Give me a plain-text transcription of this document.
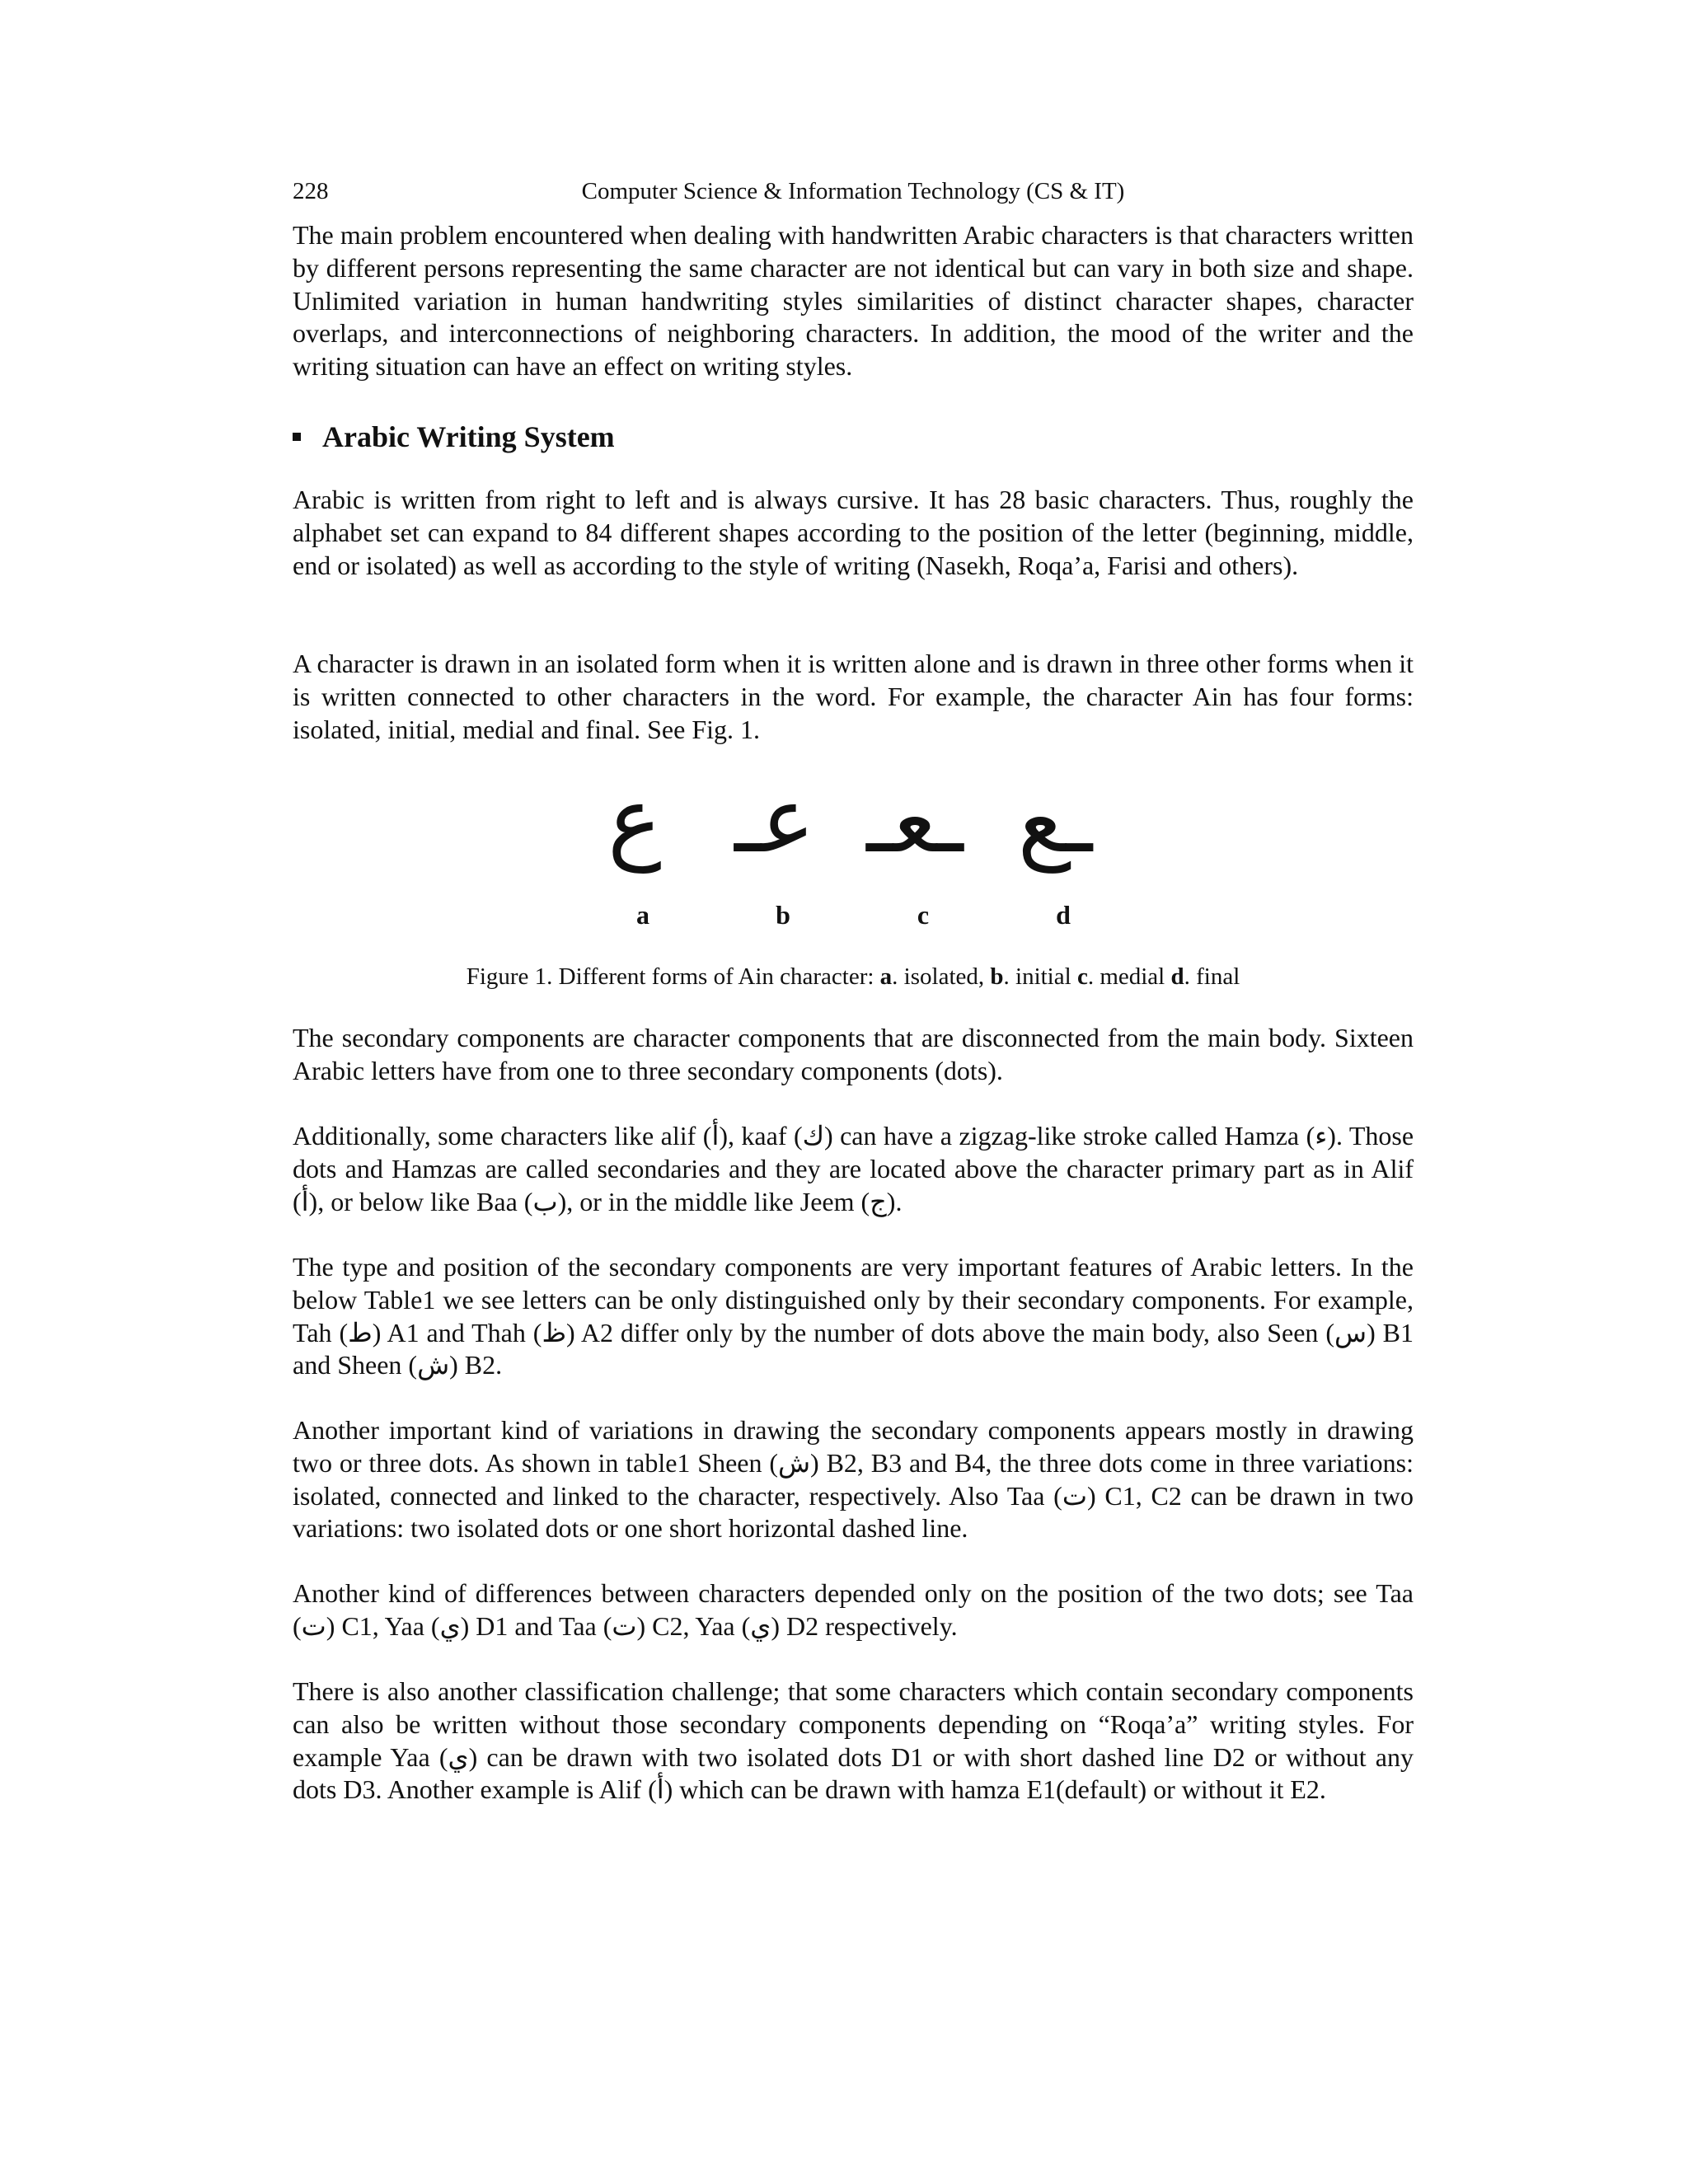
228	Computer Science & Information Technology (CS & IT)

The main problem encountered when dealing with handwritten Arabic characters is that characters written by different persons representing the same character are not identical but can vary in both size and shape. Unlimited variation in human handwriting styles similarities of distinct character shapes, character overlaps, and interconnections of neighboring characters. In addition, the mood of the writer and the writing situation can have an effect on writing styles.

Arabic Writing System

Arabic is written from right to left and is always cursive. It has 28 basic characters. Thus, roughly the alphabet set can expand to 84 different shapes according to the position of the letter (beginning, middle, end or isolated) as well as according to the style of writing (Nasekh, Roqa’a, Farisi and others).

A character is drawn in an isolated form when it is written alone and is drawn in three other forms when it is written connected to other characters in the word. For example, the character Ain has four forms: isolated, initial, medial and final. See Fig. 1.

ع عـ ـعـ ـع
a	b	c	d
Figure 1. Different forms of Ain character: a. isolated, b. initial c. medial d. final

The secondary components are character components that are disconnected from the main body. Sixteen Arabic letters have from one to three secondary components (dots).

Additionally, some characters like alif (أ), kaaf (ك) can have a zigzag-like stroke called Hamza (ء). Those dots and Hamzas are called secondaries and they are located above the character primary part as in Alif (أ), or below like Baa (ب), or in the middle like Jeem (ج).

The type and position of the secondary components are very important features of Arabic letters. In the below Table1 we see letters can be only distinguished only by their secondary components. For example, Tah (ط) A1 and Thah (ظ) A2 differ only by the number of dots above the main body, also Seen (س) B1 and Sheen (ش) B2.

Another important kind of variations in drawing the secondary components appears mostly in drawing two or three dots. As shown in table1 Sheen (ش) B2, B3 and B4, the three dots come in three variations: isolated, connected and linked to the character, respectively. Also Taa (ت) C1, C2 can be drawn in two variations: two isolated dots or one short horizontal dashed line.

Another kind of differences between characters depended only on the position of the two dots; see Taa (ت) C1, Yaa (ي) D1 and Taa (ت) C2, Yaa (ي) D2 respectively.

There is also another classification challenge; that some characters which contain secondary components can also be written without those secondary components depending on “Roqa’a” writing styles. For example Yaa (ي) can be drawn with two isolated dots D1 or with short dashed line D2 or without any dots D3. Another example is Alif (أ) which can be drawn with hamza E1(default) or without it E2.
